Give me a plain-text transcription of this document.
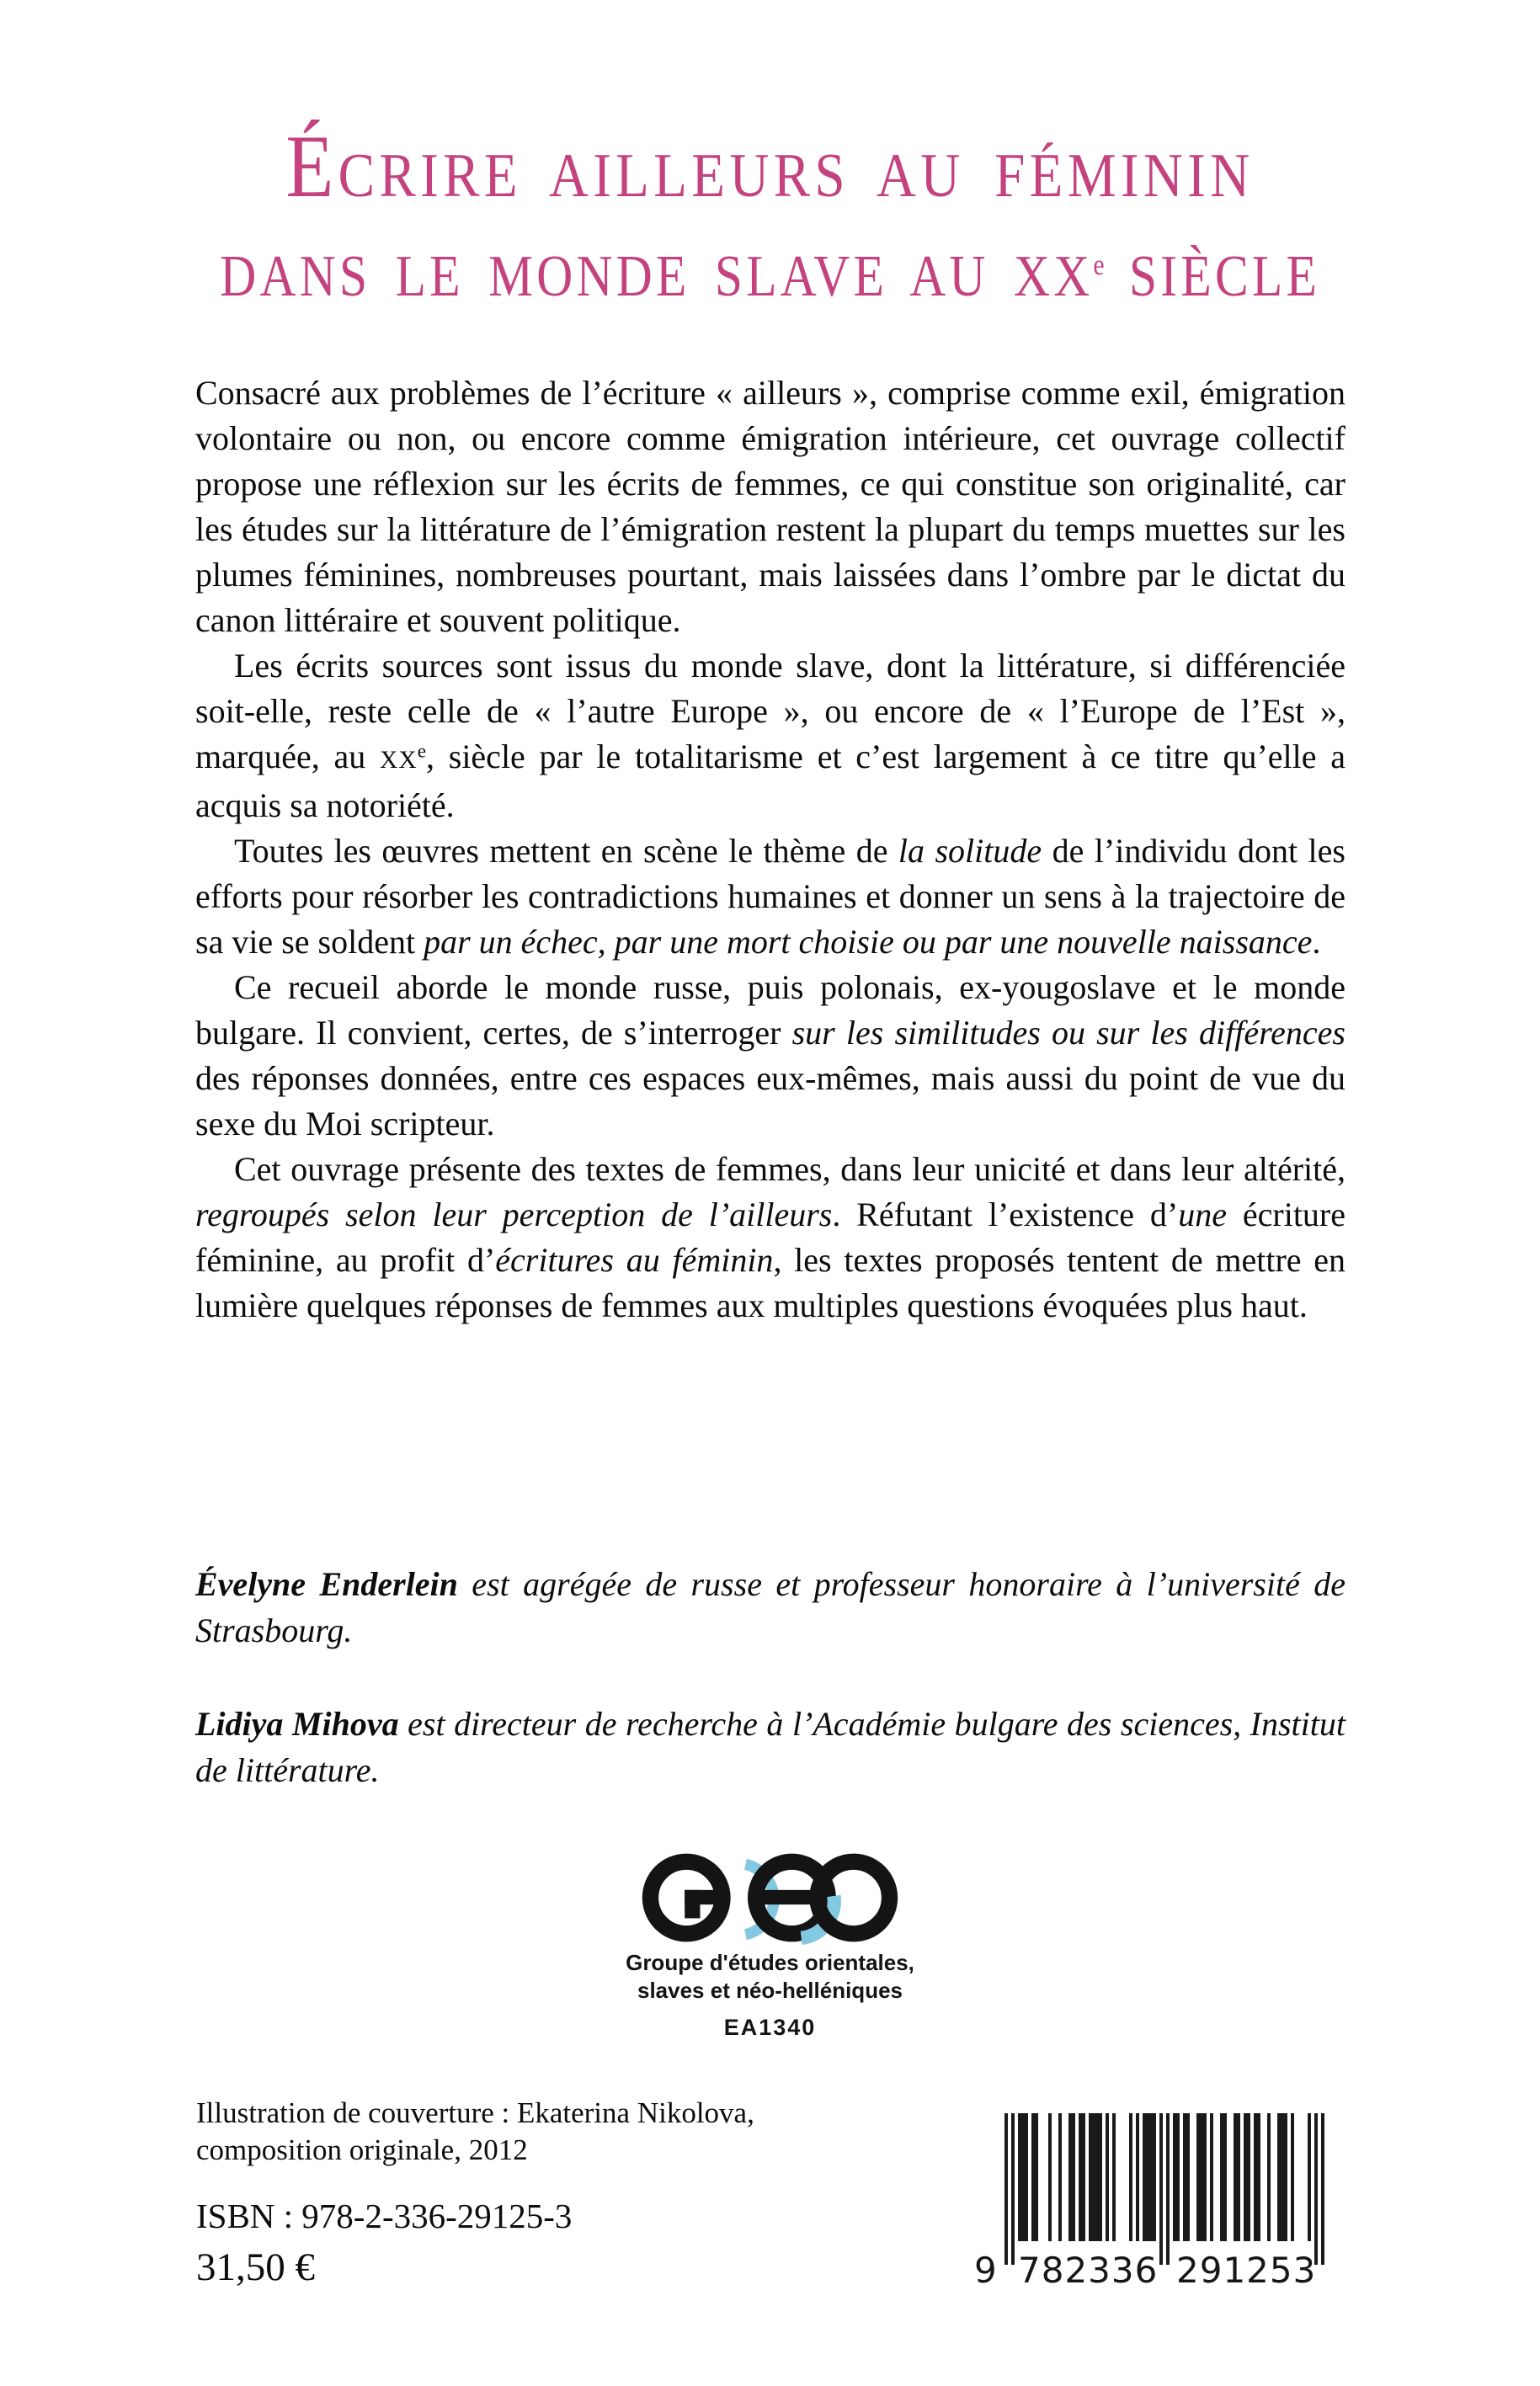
ÉCRIRE AILLEURS AU FÉMININ
DANS LE MONDE SLAVE AU XXe SIÈCLE

Consacré aux problèmes de l’écriture « ailleurs », comprise comme exil, émigration volontaire ou non, ou encore comme émigration intérieure, cet ouvrage collectif propose une réflexion sur les écrits de femmes, ce qui constitue son originalité, car les études sur la littérature de l’émigration restent la plupart du temps muettes sur les plumes féminines, nombreuses pourtant, mais laissées dans l’ombre par le dictat du canon littéraire et souvent politique.

Les écrits sources sont issus du monde slave, dont la littérature, si différenciée soit-elle, reste celle de « l’autre Europe », ou encore de « l’Europe de l’Est », marquée, au XXe, siècle par le totalitarisme et c’est largement à ce titre qu’elle a acquis sa notoriété.

Toutes les œuvres mettent en scène le thème de la solitude de l’individu dont les efforts pour résorber les contradictions humaines et donner un sens à la trajectoire de sa vie se soldent par un échec, par une mort choisie ou par une nouvelle naissance.

Ce recueil aborde le monde russe, puis polonais, ex-yougoslave et le monde bulgare. Il convient, certes, de s’interroger sur les similitudes ou sur les différences des réponses données, entre ces espaces eux-mêmes, mais aussi du point de vue du sexe du Moi scripteur.

Cet ouvrage présente des textes de femmes, dans leur unicité et dans leur altérité, regroupés selon leur perception de l’ailleurs. Réfutant l’existence d’une écriture féminine, au profit d’écritures au féminin, les textes proposés tentent de mettre en lumière quelques réponses de femmes aux multiples questions évoquées plus haut.

Évelyne Enderlein est agrégée de russe et professeur honoraire à l’université de Strasbourg.

Lidiya Mihova est directeur de recherche à l’Académie bulgare des sciences, Institut de littérature.

Groupe d'études orientales,
slaves et néo-helléniques
EA1340
Illustration de couverture : Ekaterina Nikolova,
composition originale, 2012
ISBN : 978-2-336-29125-3
31,50 €	9 782336 291253
